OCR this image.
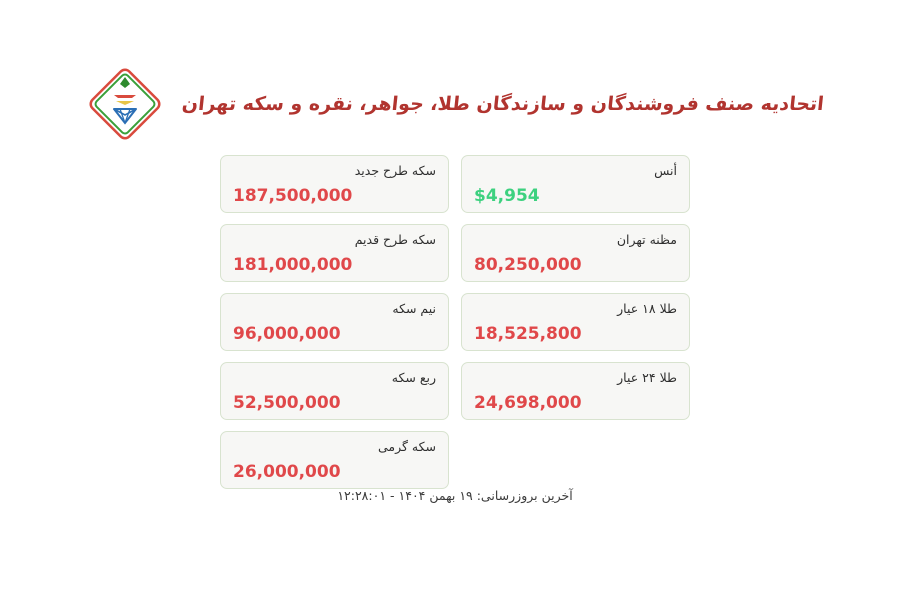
اتحادیه صنف فروشندگان و سازندگان طلا، جواهر، نقره و سکه تهران
سکه طرح جدید
187,500,000
سکه طرح قدیم
181,000,000
نیم سکه
96,000,000
ربع سکه
52,500,000
سکه گرمی
26,000,000
أنس
$4,954
مظنه تهران
80,250,000
طلا ۱۸ عیار
18,525,800
طلا ۲۴ عیار
24,698,000
آخرین بروزرسانی: ۱۹ بهمن ۱۴۰۴ - ۱۲:۲۸:۰۱
